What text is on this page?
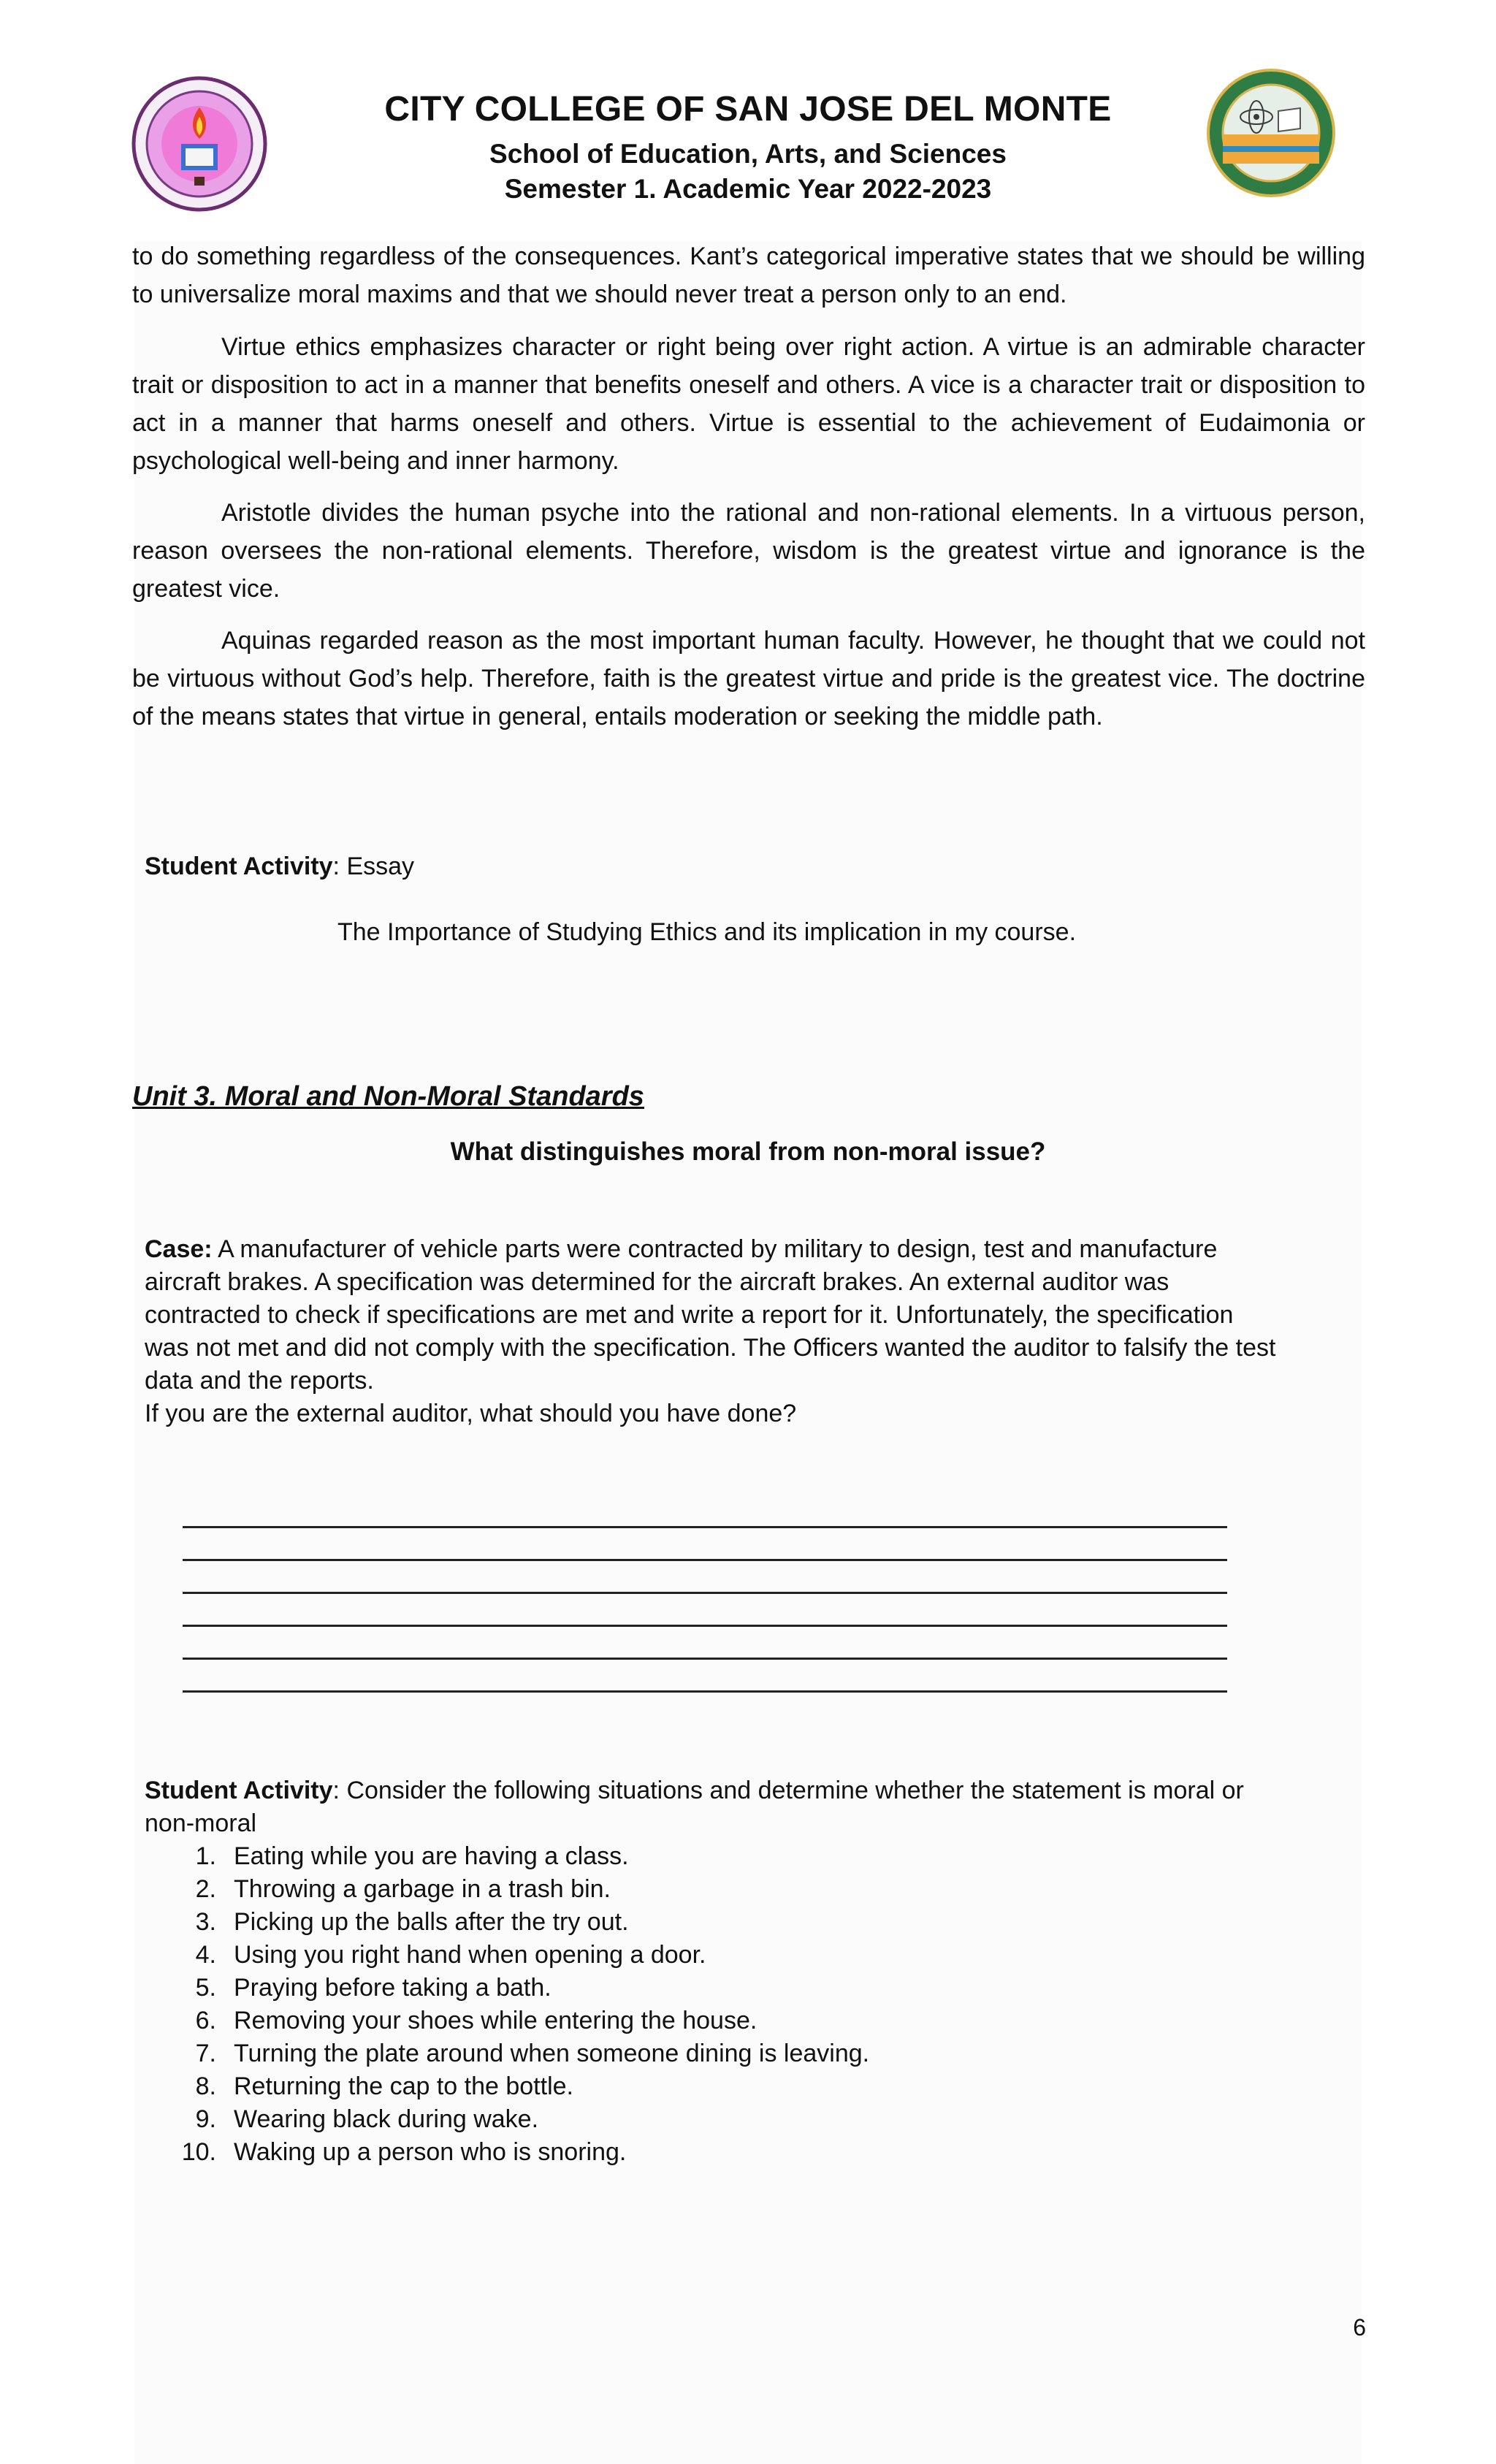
CITY COLLEGE OF SAN JOSE DEL MONTE
School of Education, Arts, and Sciences
Semester 1. Academic Year 2022-2023

to do something regardless of the consequences. Kant’s categorical imperative states that we should be willing to universalize moral maxims and that we should never treat a person only to an end.

Virtue ethics emphasizes character or right being over right action. A virtue is an admirable character trait or disposition to act in a manner that benefits oneself and others. A vice is a character trait or disposition to act in a manner that harms oneself and others. Virtue is essential to the achievement of Eudaimonia or psychological well-being and inner harmony.

Aristotle divides the human psyche into the rational and non-rational elements. In a virtuous person, reason oversees the non-rational elements. Therefore, wisdom is the greatest virtue and ignorance is the greatest vice.

Aquinas regarded reason as the most important human faculty. However, he thought that we could not be virtuous without God’s help. Therefore, faith is the greatest virtue and pride is the greatest vice. The doctrine of the means states that virtue in general, entails moderation or seeking the middle path.

Student Activity: Essay

The Importance of Studying Ethics and its implication in my course.

Unit 3. Moral and Non-Moral Standards

What distinguishes moral from non-moral issue?

Case: A manufacturer of vehicle parts were contracted by military to design, test and manufacture aircraft brakes. A specification was determined for the aircraft brakes. An external auditor was contracted to check if specifications are met and write a report for it. Unfortunately, the specification was not met and did not comply with the specification. The Officers wanted the auditor to falsify the test data and the reports.
If you are the external auditor, what should you have done?

Student Activity: Consider the following situations and determine whether the statement is moral or
non-moral

1. Eating while you are having a class.
2. Throwing a garbage in a trash bin.
3. Picking up the balls after the try out.
4. Using you right hand when opening a door.
5. Praying before taking a bath.
6. Removing your shoes while entering the house.
7. Turning the plate around when someone dining is leaving.
8. Returning the cap to the bottle.
9. Wearing black during wake.
10. Waking up a person who is snoring.

6
